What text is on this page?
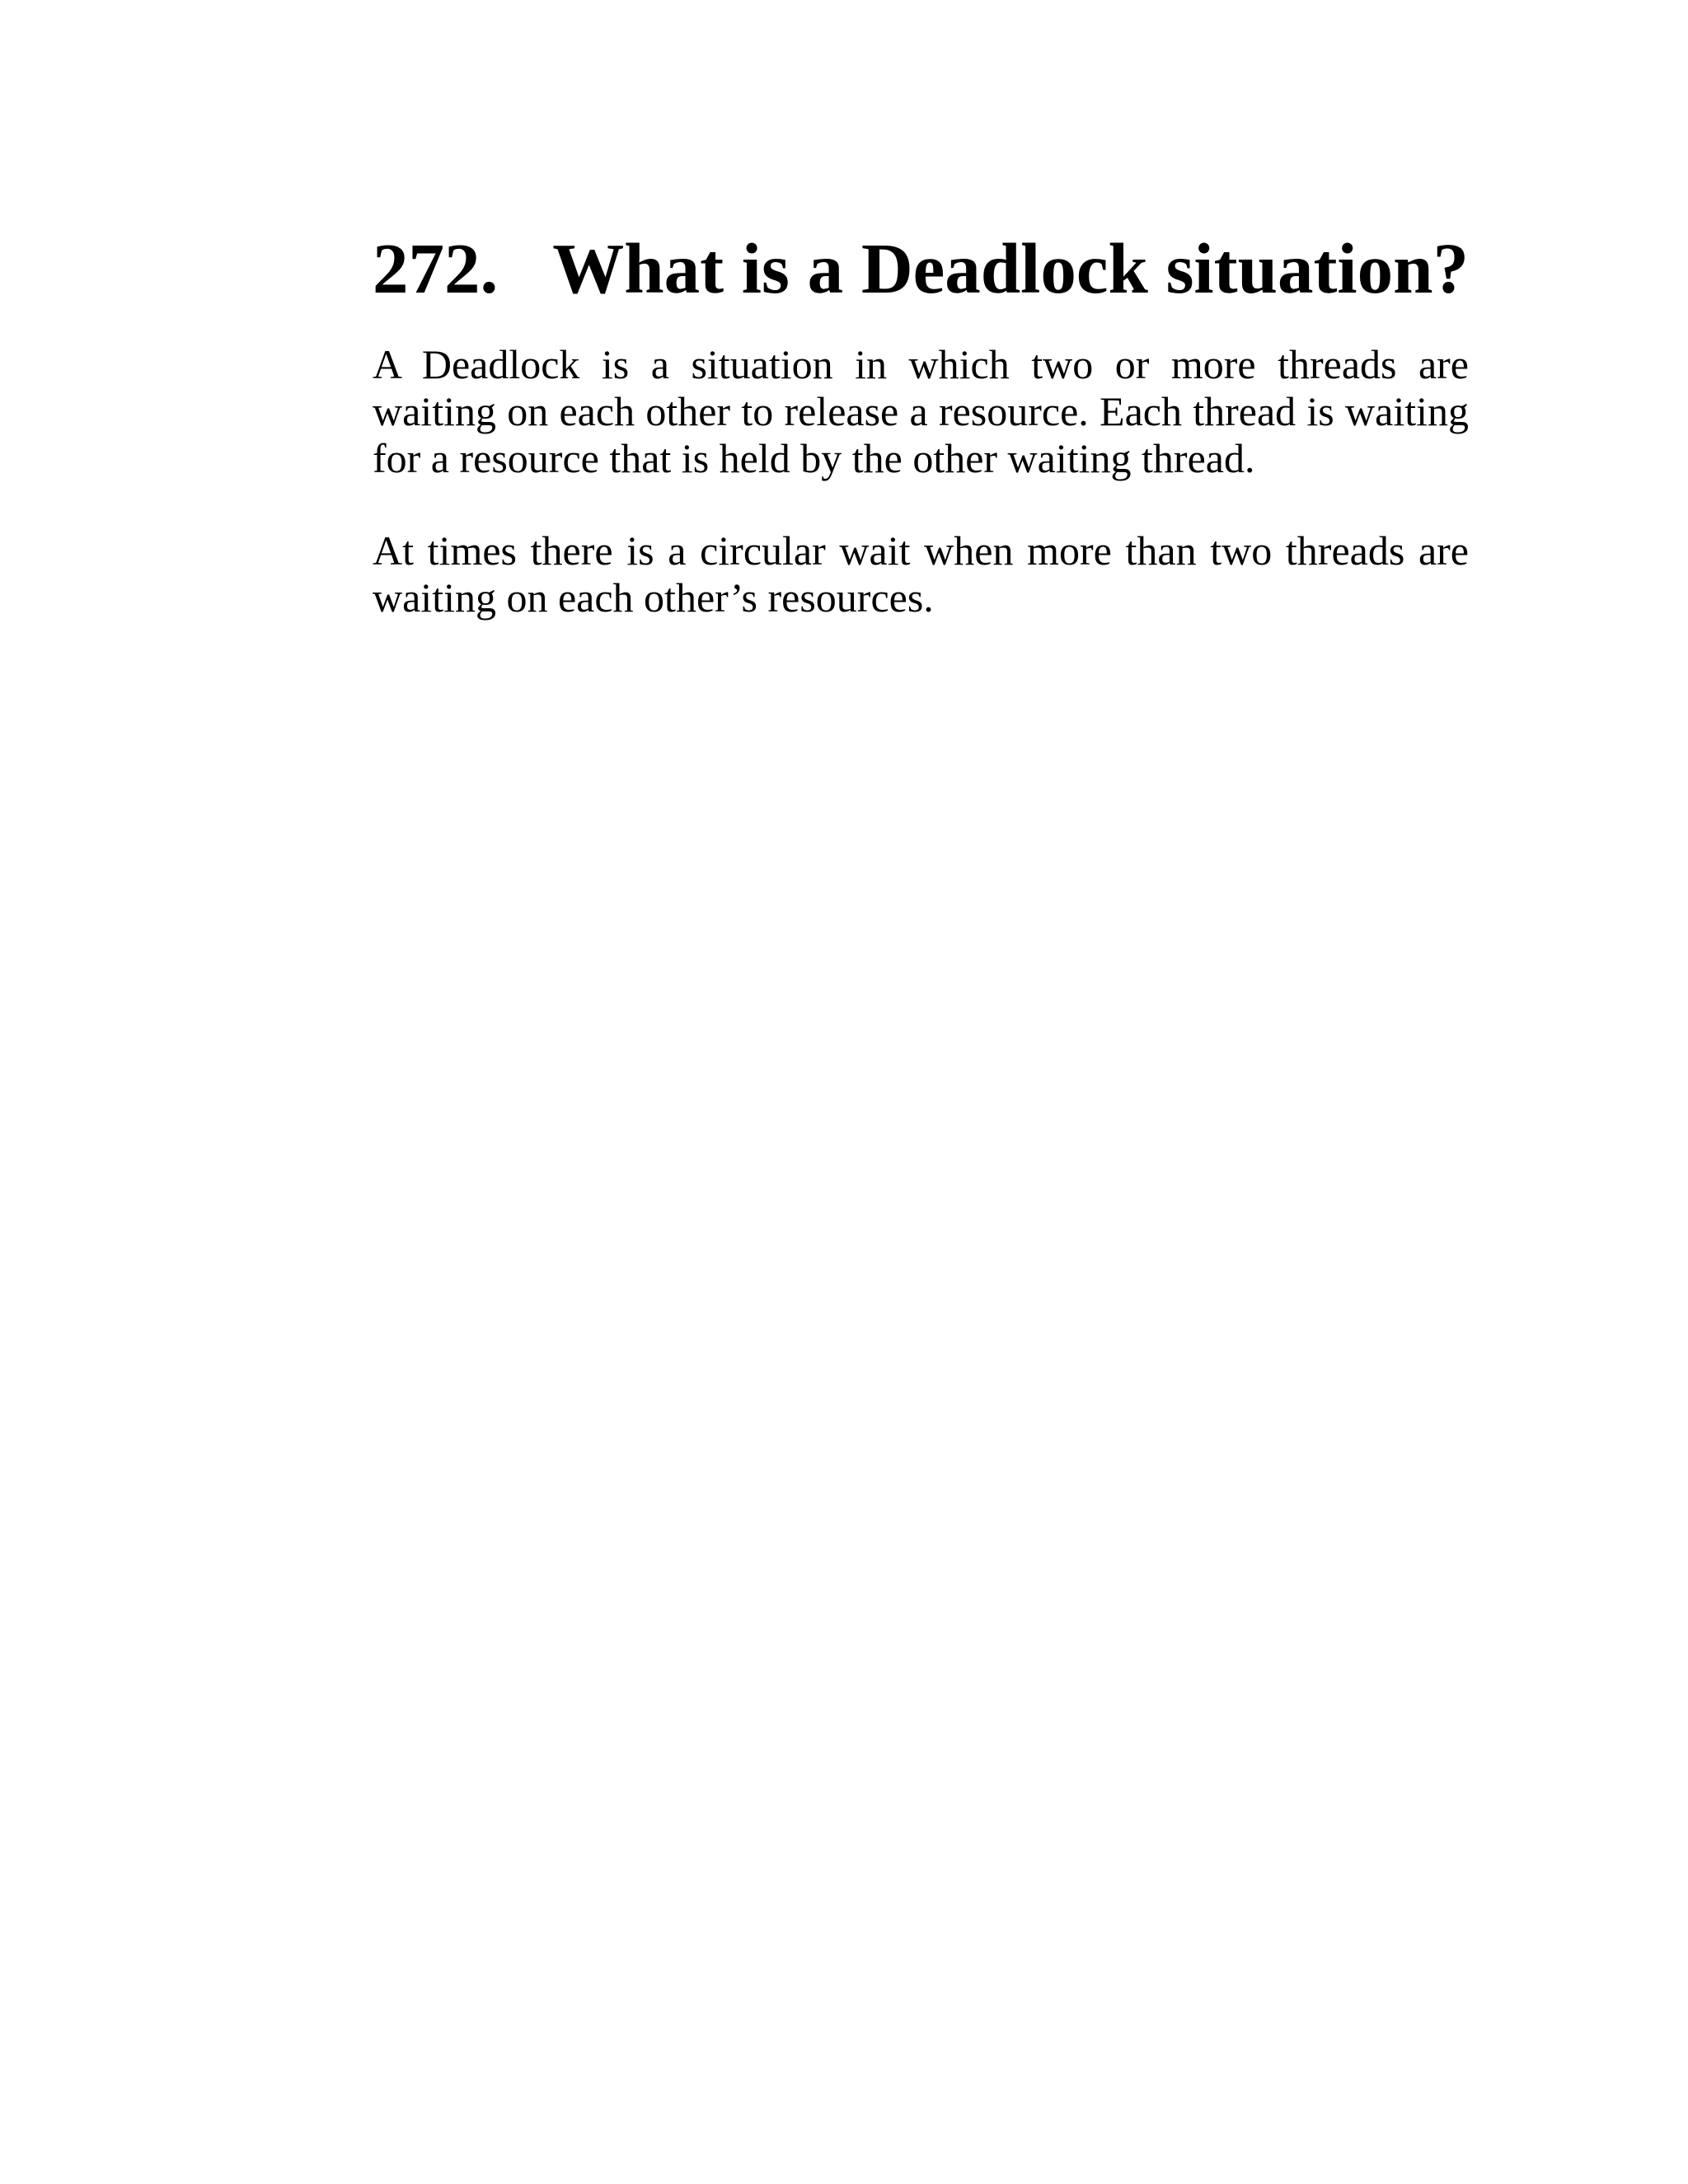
272. What is a Deadlock situation?

A Deadlock is a situation in which two or more threads are waiting on each other to release a resource. Each thread is waiting for a resource that is held by the other waiting thread.

At times there is a circular wait when more than two threads are waiting on each other’s resources.
